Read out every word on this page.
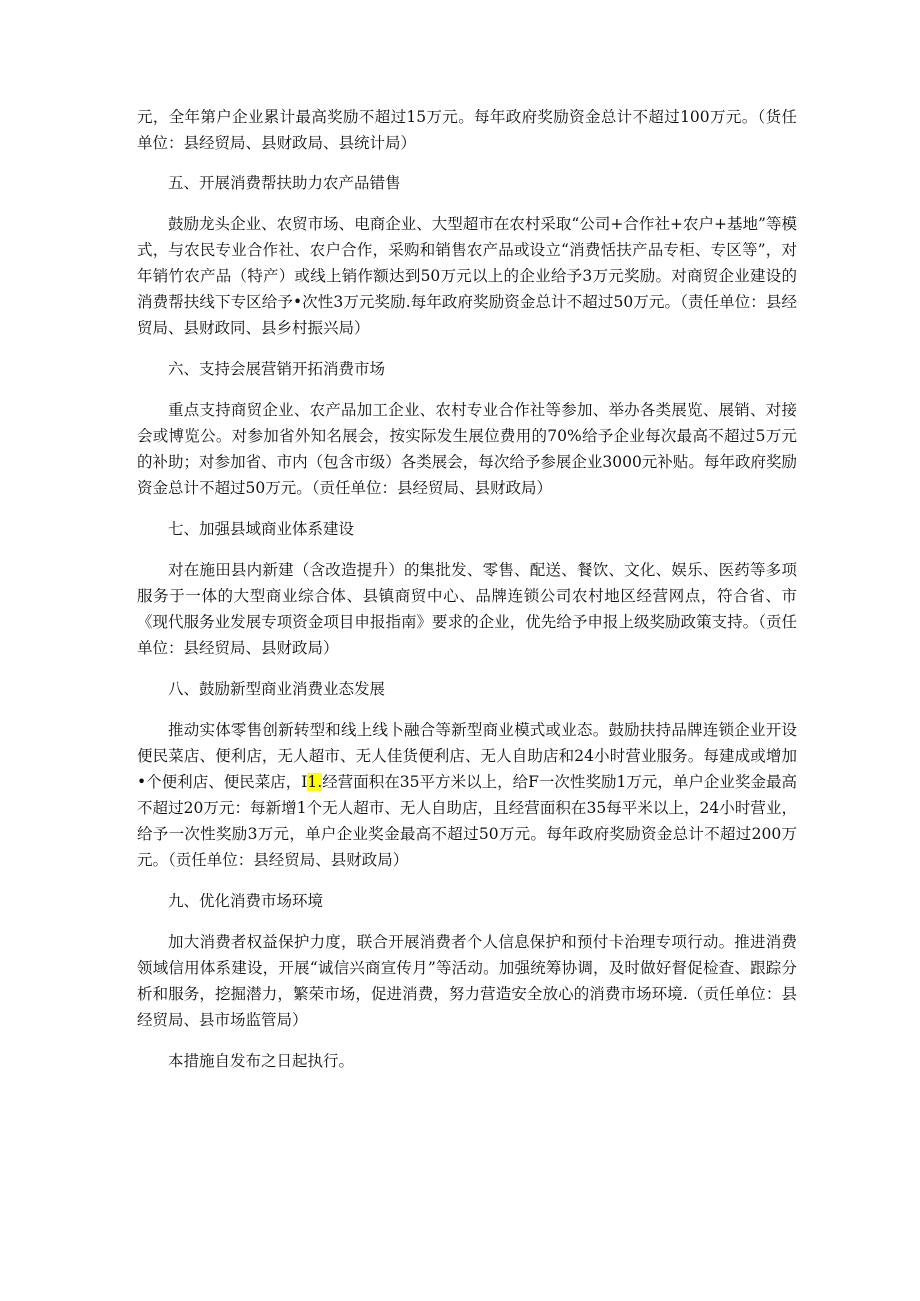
元，全年第户企业累计最高奖励不超过15万元。每年政府奖励资金总计不超过100万元。（货任单位：县经贸局、县财政局、县统计局）

五、开展消费帮扶助力农产品错售

鼓励龙头企业、农贸市场、电商企业、大型超市在农村采取“公司+合作社+农户+基地”等模式，与农民专业合作社、农户合作，采购和销售农产品或设立“消费恬扶产品专柜、专区等”，对年销竹农产品（特产）或线上销作额达到50万元以上的企业给予3万元奖励。对商贸企业建设的消费帮扶线下专区给予•次性3万元奖励.每年政府奖励资金总计不超过50万元。（责任单位：县经贸局、县财政同、县乡村振兴局）

六、支持会展营销开拓消费市场

重点支持商贸企业、农产品加工企业、农村专业合作社等参加、举办各类展览、展销、对接会或博览公。对参加省外知名展会，按实际发生展位费用的70%给予企业每次最高不超过5万元的补助；对参加省、市内（包含市级）各类展会，每次给予参展企业3000元补贴。每年政府奖励资金总计不超过50万元。（贡任单位：县经贸局、县财政局）

七、加强县域商业体系建设

对在施田县内新建（含改造提升）的集批发、零售、配送、餐饮、文化、娱乐、医药等多项服务于一体的大型商业综合体、县镇商贸中心、品牌连锁公司农村地区经营网点，符合省、市《现代服务业发展专项资金项目申报指南》要求的企业，优先给予申报上级奖励政策支持。（贡任单位：县经贸局、县财政局）

八、鼓励新型商业消费业态发展

推动实体零售创新转型和线上线卜融合等新型商业模式或业态。鼓励扶持品牌连锁企业开设便民菜店、便利店，无人超市、无人佳货便利店、无人自助店和24小时营业服务。每建成或增加•个便利店、便民菜店，I1.经营面积在35平方米以上，给F一次性奖励1万元，单户企业奖金最高不超过20万元：每新增1个无人超市、无人自助店，且经营面积在35每平米以上，24小时营业，给予一次性奖励3万元，单户企业奖金最高不超过50万元。每年政府奖励资金总计不超过200万元。（贡任单位：县经贸局、县财政局）

九、优化消费市场环境

加大消费者权益保护力度，联合开展消费者个人信息保护和预付卡治理专项行动。推进消费领域信用体系建设，开展“诚信兴商宣传月”等活动。加强统筹协调，及时做好督促检查、跟踪分析和服务，挖掘潜力，繁荣市场，促进消费，努力营造安全放心的消费市场环境.（贡任单位：县经贸局、县市场监管局）

本措施自发布之日起执行。
